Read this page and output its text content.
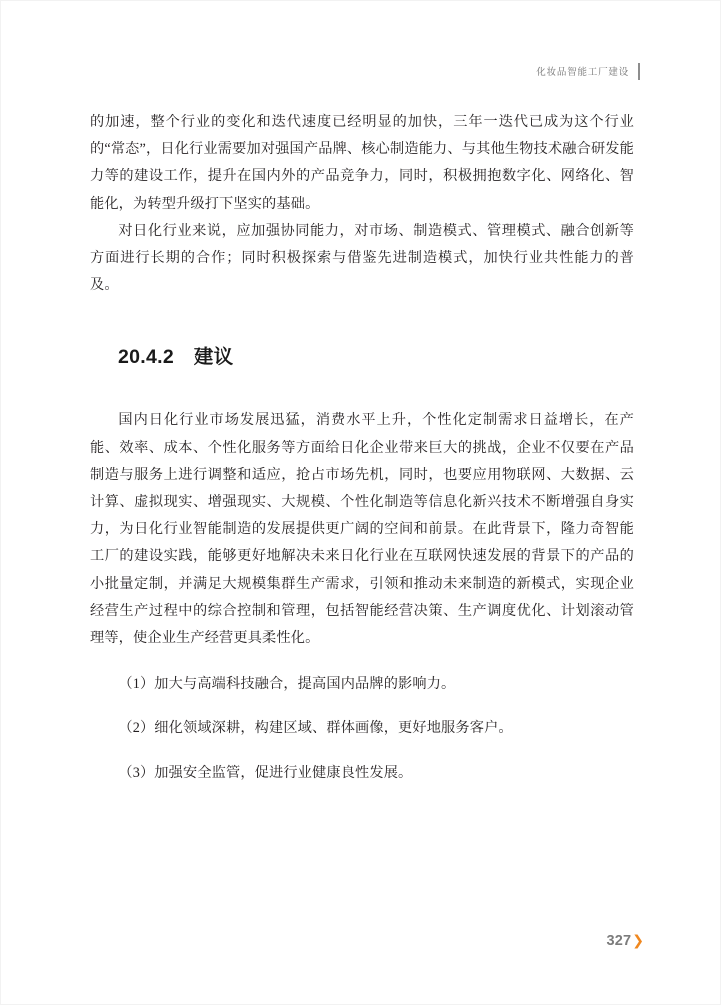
化妆品智能工厂建设

的加速，整个行业的变化和迭代速度已经明显的加快，三年一迭代已成为这个行业的“常态”，日化行业需要加对强国产品牌、核心制造能力、与其他生物技术融合研发能力等的建设工作，提升在国内外的产品竞争力，同时，积极拥抱数字化、网络化、智能化，为转型升级打下坚实的基础。

对日化行业来说，应加强协同能力，对市场、制造模式、管理模式、融合创新等方面进行长期的合作；同时积极探索与借鉴先进制造模式，加快行业共性能力的普及。

20.4.2　建议

国内日化行业市场发展迅猛，消费水平上升，个性化定制需求日益增长，在产能、效率、成本、个性化服务等方面给日化企业带来巨大的挑战，企业不仅要在产品制造与服务上进行调整和适应，抢占市场先机，同时，也要应用物联网、大数据、云计算、虚拟现实、增强现实、大规模、个性化制造等信息化新兴技术不断增强自身实力，为日化行业智能制造的发展提供更广阔的空间和前景。在此背景下，隆力奇智能工厂的建设实践，能够更好地解决未来日化行业在互联网快速发展的背景下的产品的小批量定制，并满足大规模集群生产需求，引领和推动未来制造的新模式，实现企业经营生产过程中的综合控制和管理，包括智能经营决策、生产调度优化、计划滚动管理等，使企业生产经营更具柔性化。

（1）加大与高端科技融合，提高国内品牌的影响力。
（2）细化领域深耕，构建区域、群体画像，更好地服务客户。
（3）加强安全监管，促进行业健康良性发展。
327 ❯
